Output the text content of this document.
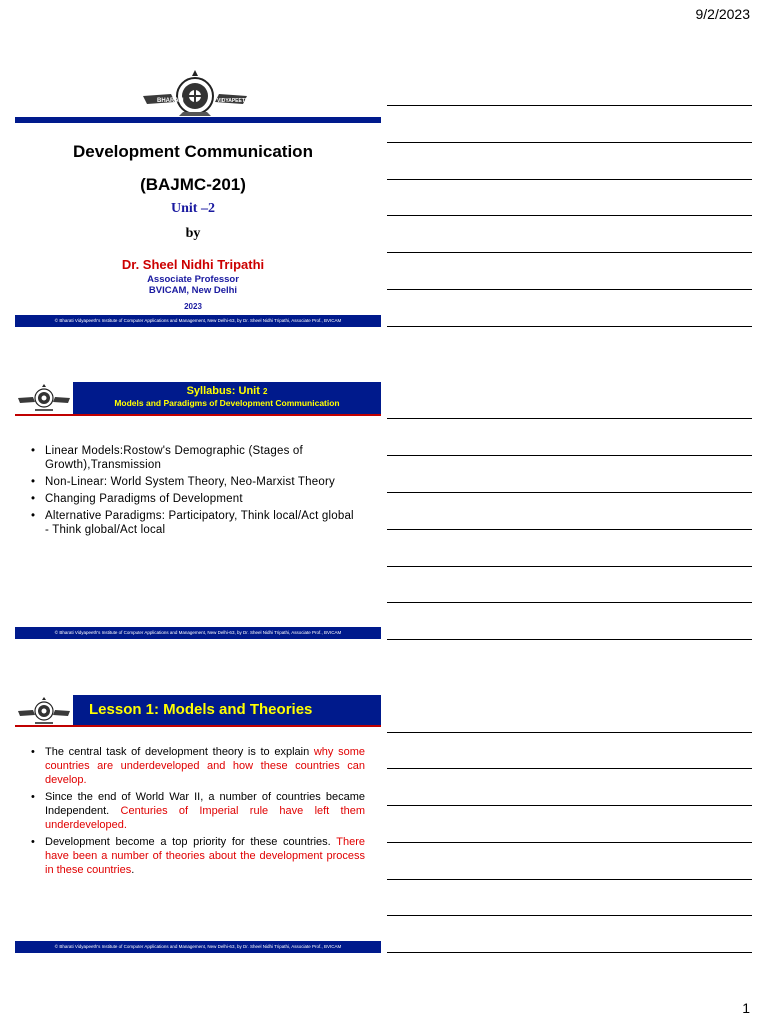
9/2/2023
1
BHARATI	VIDYAPEETH
Development Communication
(BAJMC-201)
Unit –2
by
Dr. Sheel Nidhi Tripathi
Associate Professor
BVICAM, New Delhi
2023
© Bharati Vidyapeeth's Institute of Computer Applications and Management, New Delhi-63, by Dr. Sheel Nidhi Tripathi, Associate Prof., BVICAM
Syllabus: Unit 2
Models and Paradigms of Development Communication
• Linear Models:Rostow's Demographic (Stages of Growth),Transmission
• Non-Linear: World System Theory, Neo-Marxist Theory
• Changing Paradigms of Development
• Alternative Paradigms: Participatory, Think local/Act global - Think global/Act local
© Bharati Vidyapeeth's Institute of Computer Applications and Management, New Delhi-63, by Dr. Sheel Nidhi Tripathi, Associate Prof., BVICAM
Lesson 1: Models and Theories
• The central task of development theory is to explain why some countries are underdeveloped and how these countries can develop.
• Since the end of World War II, a number of countries became Independent. Centuries of Imperial rule have left them underdeveloped.
• Development become a top priority for these countries. There have been a number of theories about the development process in these countries.
© Bharati Vidyapeeth's Institute of Computer Applications and Management, New Delhi-63, by Dr. Sheel Nidhi Tripathi, Associate Prof., BVICAM
